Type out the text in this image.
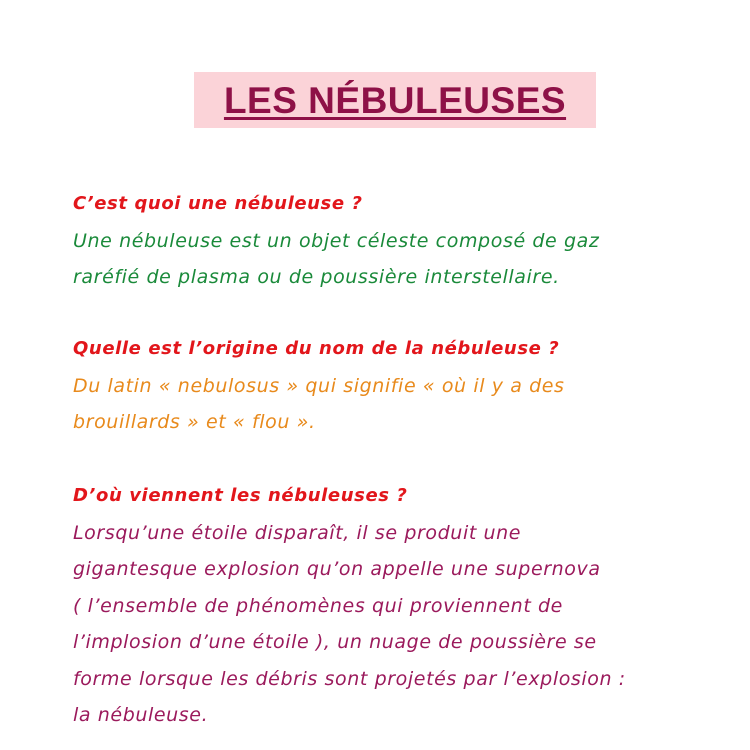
LES NÉBULEUSES
C’est quoi une nébuleuse ?
Une nébuleuse est un objet céleste composé de gaz
raréfié de plasma ou de poussière interstellaire.
Quelle est l’origine du nom de la nébuleuse ?
Du latin « nebulosus » qui signifie « où il y a des
brouillards » et « flou ».
D’où viennent les nébuleuses ?
Lorsqu’une étoile disparaît, il se produit une
gigantesque explosion qu’on appelle une supernova
( l’ensemble de phénomènes qui proviennent de
l’implosion d’une étoile ), un nuage de poussière se
forme lorsque les débris sont projetés par l’explosion :
la nébuleuse.
